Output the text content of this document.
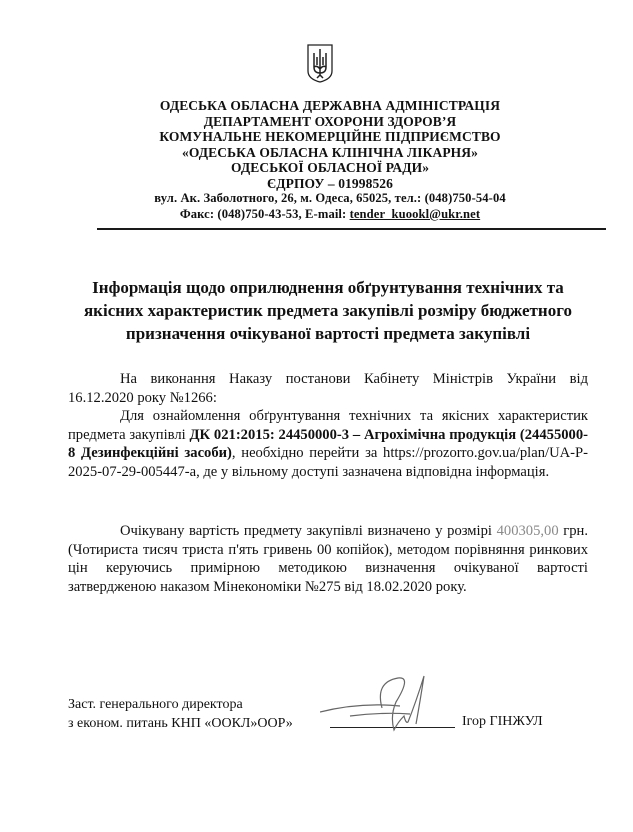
ОДЕСЬКА ОБЛАСНА ДЕРЖАВНА АДМІНІСТРАЦІЯ
ДЕПАРТАМЕНТ ОХОРОНИ ЗДОРОВ’Я
КОМУНАЛЬНЕ НЕКОМЕРЦІЙНЕ ПІДПРИЄМСТВО
«ОДЕСЬКА ОБЛАСНА КЛІНІЧНА ЛІКАРНЯ»
ОДЕСЬКОЇ ОБЛАСНОЇ РАДИ»
ЄДРПОУ – 01998526
вул. Ак. Заболотного, 26, м. Одеса, 65025, тел.: (048)750-54-04
Факс: (048)750-43-53, E-mail: tender_kuookl@ukr.net
Інформація щодо оприлюднення обґрунтування технічних та якісних характеристик предмета закупівлі розміру бюджетного призначення очікуваної вартості предмета закупівлі
На виконання Наказу постанови Кабінету Міністрів України від 16.12.2020 року №1266:
Для ознайомлення обґрунтування технічних та якісних характеристик предмета закупівлі ДК 021:2015: 24450000-3 – Агрохімічна продукція (24455000-8 Дезинфекційні засоби), необхідно перейти за https://prozorro.gov.ua/plan/UA-P-2025-07-29-005447-a, де у вільному доступі зазначена відповідна інформація.
Очікувану вартість предмету закупівлі визначено у розмірі 400305,00 грн. (Чотириста тисяч триста п'ять гривень 00 копійок), методом порівняння ринкових цін керуючись примірною методикою визначення очікуваної вартості затвердженою наказом Мінекономіки №275 від 18.02.2020 року.
Заст. генерального директора
з економ. питань КНП «ООКЛ»ООР»	Ігор ГІНЖУЛ
